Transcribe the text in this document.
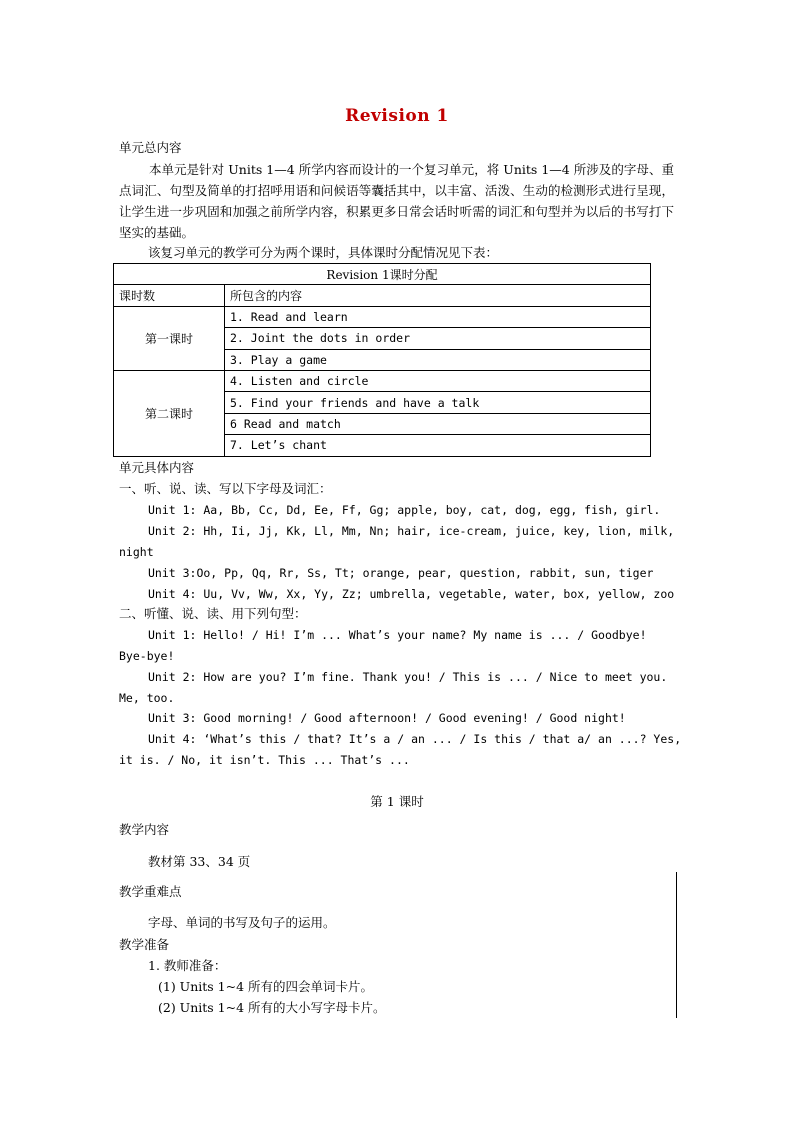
Revision 1
单元总内容
本单元是针对 Units 1—4 所学内容而设计的一个复习单元，将 Units 1—4 所涉及的字母、重点词汇、句型及简单的打招呼用语和问候语等囊括其中，以丰富、活泼、生动的检测形式进行呈现，让学生进一步巩固和加强之前所学内容，积累更多日常会话时听需的词汇和句型并为以后的书写打下坚实的基础。
该复习单元的教学可分为两个课时，具体课时分配情况见下表：
Revision 1课时分配	
课时数	所包含的内容
第一课时	1. Read and learn
	2. Joint the dots in order
	3. Play a game
第二课时	4. Listen and circle
	5. Find your friends and have a talk
	6 Read and match
	7. Let’s chant
单元具体内容
一、听、说、读、写以下字母及词汇：
Unit 1: Aa, Bb, Cc, Dd, Ee, Ff, Gg; apple, boy, cat, dog, egg, fish, girl.
Unit 2: Hh, Ii, Jj, Kk, Ll, Mm, Nn; hair, ice-cream, juice, key, lion, milk,
night
Unit 3:Oo, Pp, Qq, Rr, Ss, Tt; orange, pear, question, rabbit, sun, tiger
Unit 4: Uu, Vv, Ww, Xx, Yy, Zz; umbrella, vegetable, water, box, yellow, zoo
二、听懂、说、读、用下列句型：
Unit 1: Hello! / Hi! I’m ... What’s your name? My name is ... / Goodbye!
Bye-bye!
Unit 2: How are you? I’m fine. Thank you! / This is ... / Nice to meet you.
Me, too.
Unit 3: Good morning! / Good afternoon! / Good evening! / Good night!
Unit 4: ‘What’s this / that? It’s a / an ... / Is this / that a/ an ...? Yes,
it is. / No, it isn’t. This ... That’s ...
第 1 课时
教学内容
教材第 33、34 页
教学重难点
字母、单词的书写及句子的运用。
教学准备
1. 教师准备：
(1) Units 1~4 所有的四会单词卡片。
(2) Units 1~4 所有的大小写字母卡片。
